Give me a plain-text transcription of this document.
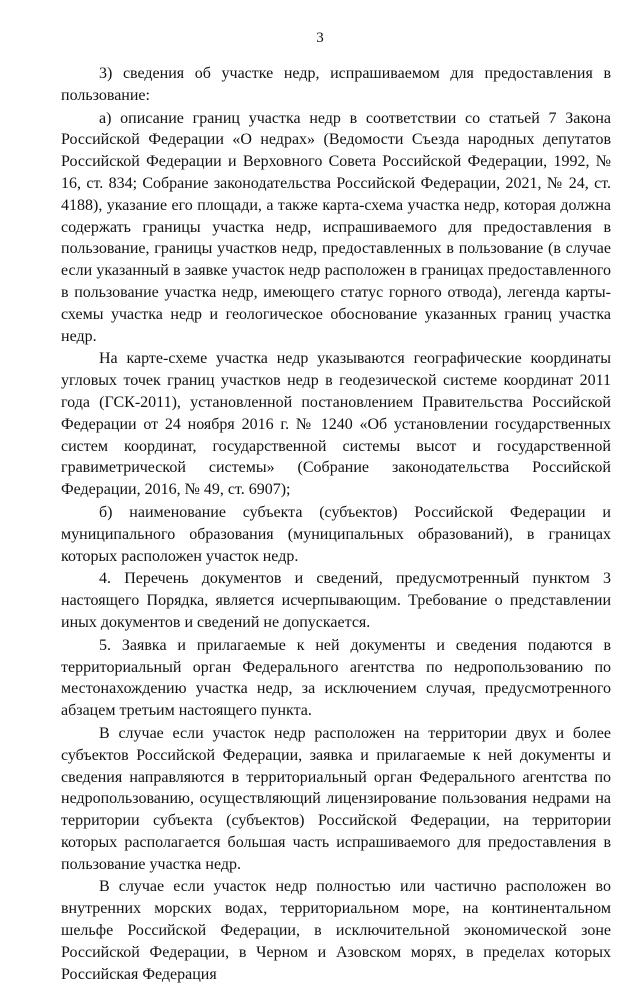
3

3) сведения об участке недр, испрашиваемом для предоставления в пользование:

а) описание границ участка недр в соответствии со статьей 7 Закона Российской Федерации «О недрах» (Ведомости Съезда народных депутатов Российской Федерации и Верховного Совета Российской Федерации, 1992, № 16, ст. 834; Собрание законодательства Российской Федерации, 2021, № 24, ст. 4188), указание его площади, а также карта-схема участка недр, которая должна содержать границы участка недр, испрашиваемого для предоставления в пользование, границы участков недр, предоставленных в пользование (в случае если указанный в заявке участок недр расположен в границах предоставленного в пользование участка недр, имеющего статус горного отвода), легенда карты-схемы участка недр и геологическое обоснование указанных границ участка недр.

На карте-схеме участка недр указываются географические координаты угловых точек границ участков недр в геодезической системе координат 2011 года (ГСК-2011), установленной постановлением Правительства Российской Федерации от 24 ноября 2016 г. № 1240 «Об установлении государственных систем координат, государственной системы высот и государственной гравиметрической системы» (Собрание законодательства Российской Федерации, 2016, № 49, ст. 6907);

б) наименование субъекта (субъектов) Российской Федерации и муниципального образования (муниципальных образований), в границах которых расположен участок недр.

4. Перечень документов и сведений, предусмотренный пунктом 3 настоящего Порядка, является исчерпывающим. Требование о представлении иных документов и сведений не допускается.

5. Заявка и прилагаемые к ней документы и сведения подаются в территориальный орган Федерального агентства по недропользованию по местонахождению участка недр, за исключением случая, предусмотренного абзацем третьим настоящего пункта.

В случае если участок недр расположен на территории двух и более субъектов Российской Федерации, заявка и прилагаемые к ней документы и сведения направляются в территориальный орган Федерального агентства по недропользованию, осуществляющий лицензирование пользования недрами на территории субъекта (субъектов) Российской Федерации, на территории которых располагается большая часть испрашиваемого для предоставления в пользование участка недр.

В случае если участок недр полностью или частично расположен во внутренних морских водах, территориальном море, на континентальном шельфе Российской Федерации, в исключительной экономической зоне Российской Федерации, в Черном и Азовском морях, в пределах которых Российская Федерация
